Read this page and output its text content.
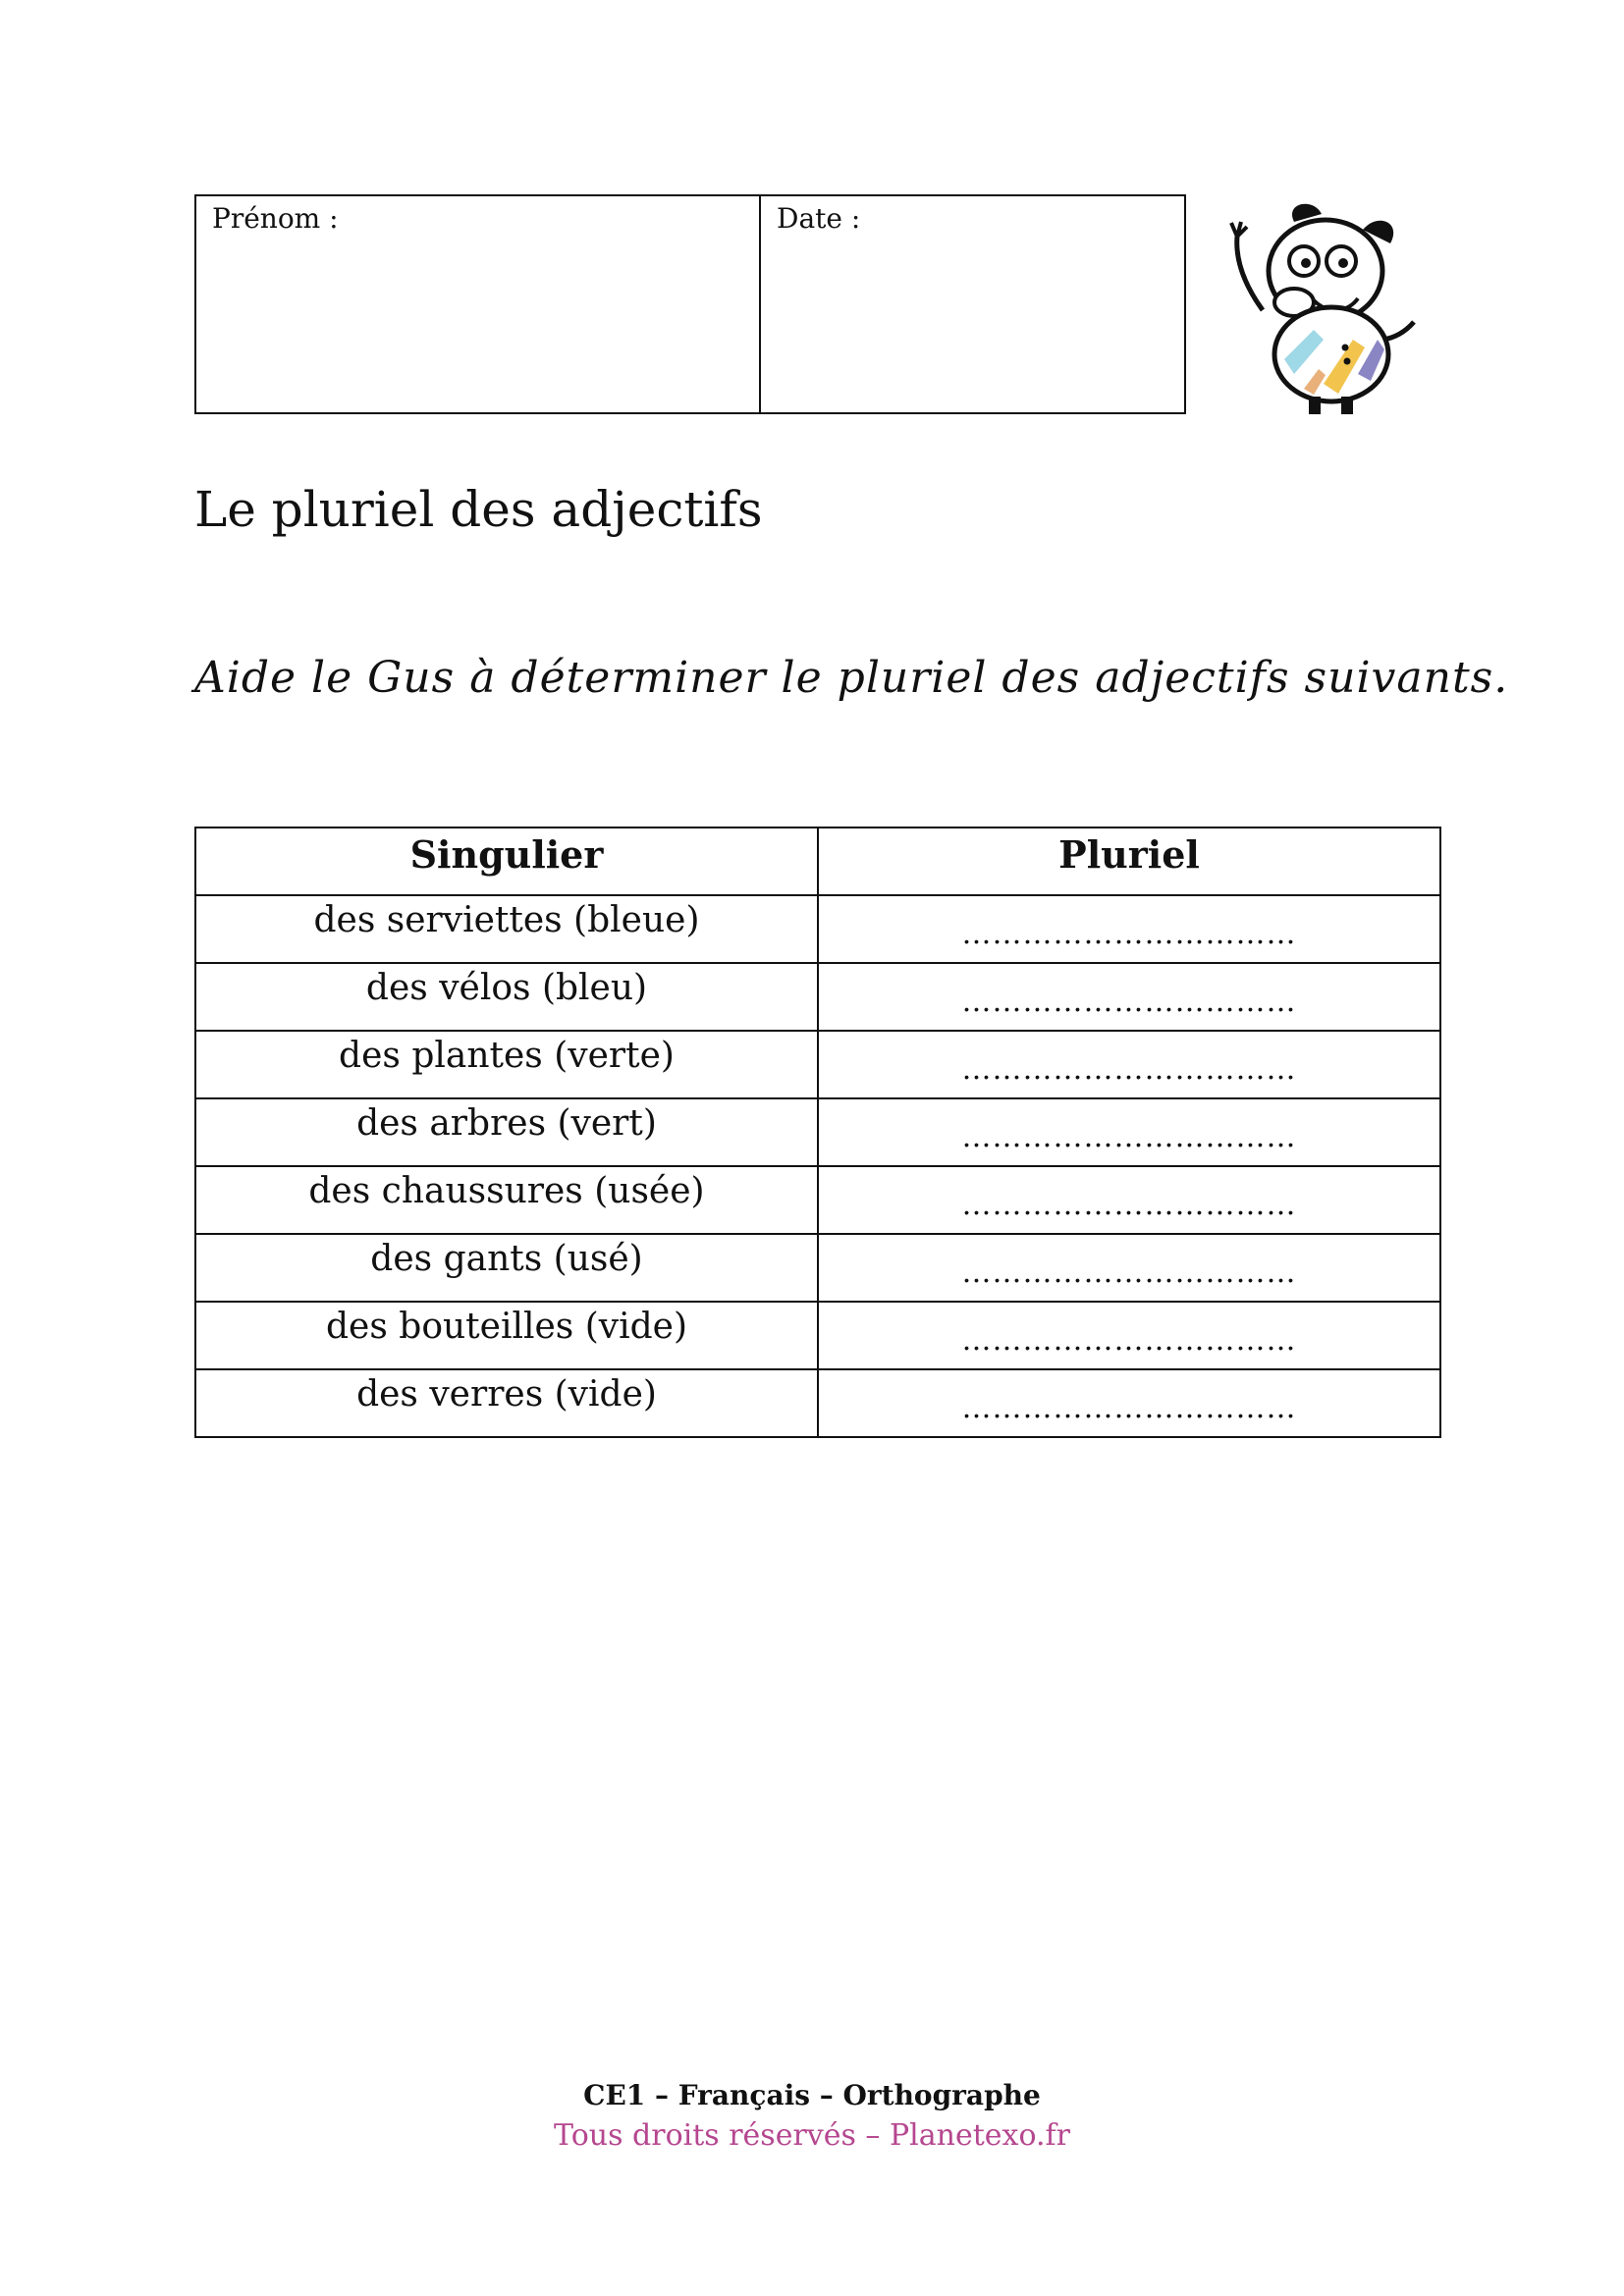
Prénom :	Date :
Le pluriel des adjectifs

Aide le Gus à déterminer le pluriel des adjectifs suivants.

Singulier	Pluriel
des serviettes (bleue)	……………………………
des vélos (bleu)	……………………………
des plantes (verte)	……………………………
des arbres (vert)	……………………………
des chaussures (usée)	……………………………
des gants (usé)	……………………………
des bouteilles (vide)	……………………………
des verres (vide)	……………………………
CE1 – Français – Orthographe
Tous droits réservés – Planetexo.fr
